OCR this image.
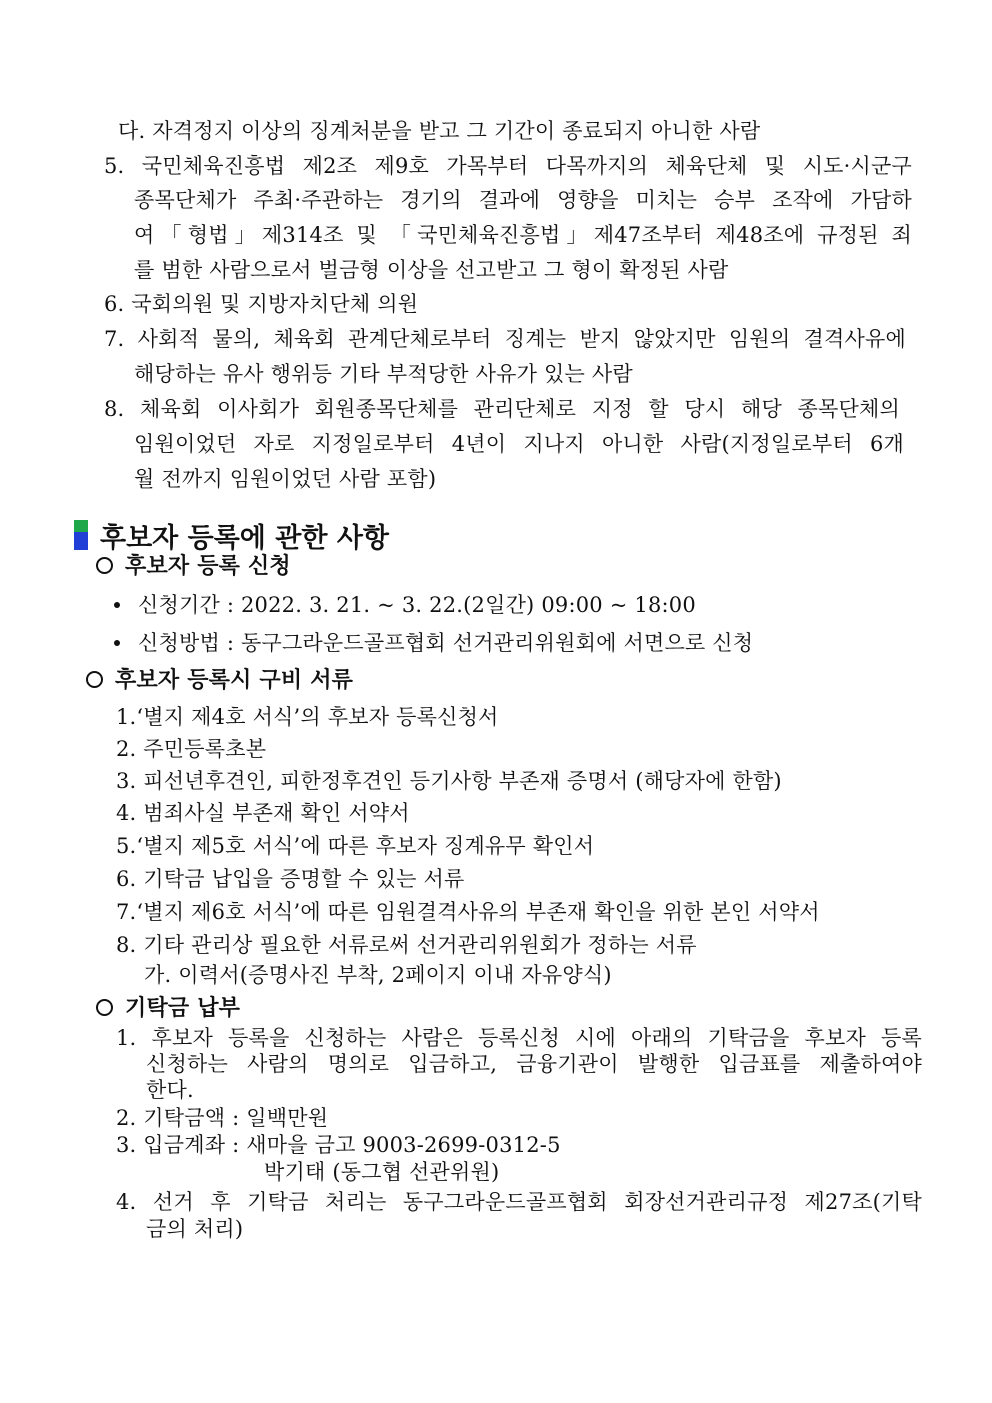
다. 자격정지 이상의 징계처분을 받고 그 기간이 종료되지 아니한 사람
5. 국민체육진흥법 제2조 제9호 가목부터 다목까지의 체육단체 및 시도·시군구
종목단체가 주최·주관하는 경기의 결과에 영향을 미치는 승부 조작에 가담하
여「형법」제314조 및 「국민체육진흥법」제47조부터 제48조에 규정된 죄
를 범한 사람으로서 벌금형 이상을 선고받고 그 형이 확정된 사람
6. 국회의원 및 지방자치단체 의원
7. 사회적 물의, 체육회 관계단체로부터 징계는 받지 않았지만 임원의 결격사유에
해당하는 유사 행위등 기타 부적당한 사유가 있는 사람
8. 체육회 이사회가 회원종목단체를 관리단체로 지정 할 당시 해당 종목단체의
임원이었던 자로 지정일로부터 4년이 지나지 아니한 사람(지정일로부터 6개
월 전까지 임원이었던 사람 포함)
후보자 등록에 관한 사항
후보자 등록 신청
신청기간 : 2022. 3. 21. ~ 3. 22.(2일간) 09:00 ~ 18:00
신청방법 : 동구그라운드골프협회 선거관리위원회에 서면으로 신청
후보자 등록시 구비 서류
1.‘별지 제4호 서식’의 후보자 등록신청서
2. 주민등록초본
3. 피선년후견인, 피한정후견인 등기사항 부존재 증명서 (해당자에 한함)
4. 범죄사실 부존재 확인 서약서
5.‘별지 제5호 서식’에 따른 후보자 징계유무 확인서
6. 기탁금 납입을 증명할 수 있는 서류
7.‘별지 제6호 서식’에 따른 임원결격사유의 부존재 확인을 위한 본인 서약서
8. 기타 관리상 필요한 서류로써 선거관리위원회가 정하는 서류
가. 이력서(증명사진 부착, 2페이지 이내 자유양식)
기탁금 납부
1. 후보자 등록을 신청하는 사람은 등록신청 시에 아래의 기탁금을 후보자 등록
신청하는 사람의 명의로 입금하고, 금융기관이 발행한 입금표를 제출하여야
한다.
2. 기탁금액 : 일백만원
3. 입금계좌 : 새마을 금고 9003-2699-0312-5
박기태 (동그협 선관위원)
4. 선거 후 기탁금 처리는 동구그라운드골프협회 회장선거관리규정 제27조(기탁
금의 처리)
